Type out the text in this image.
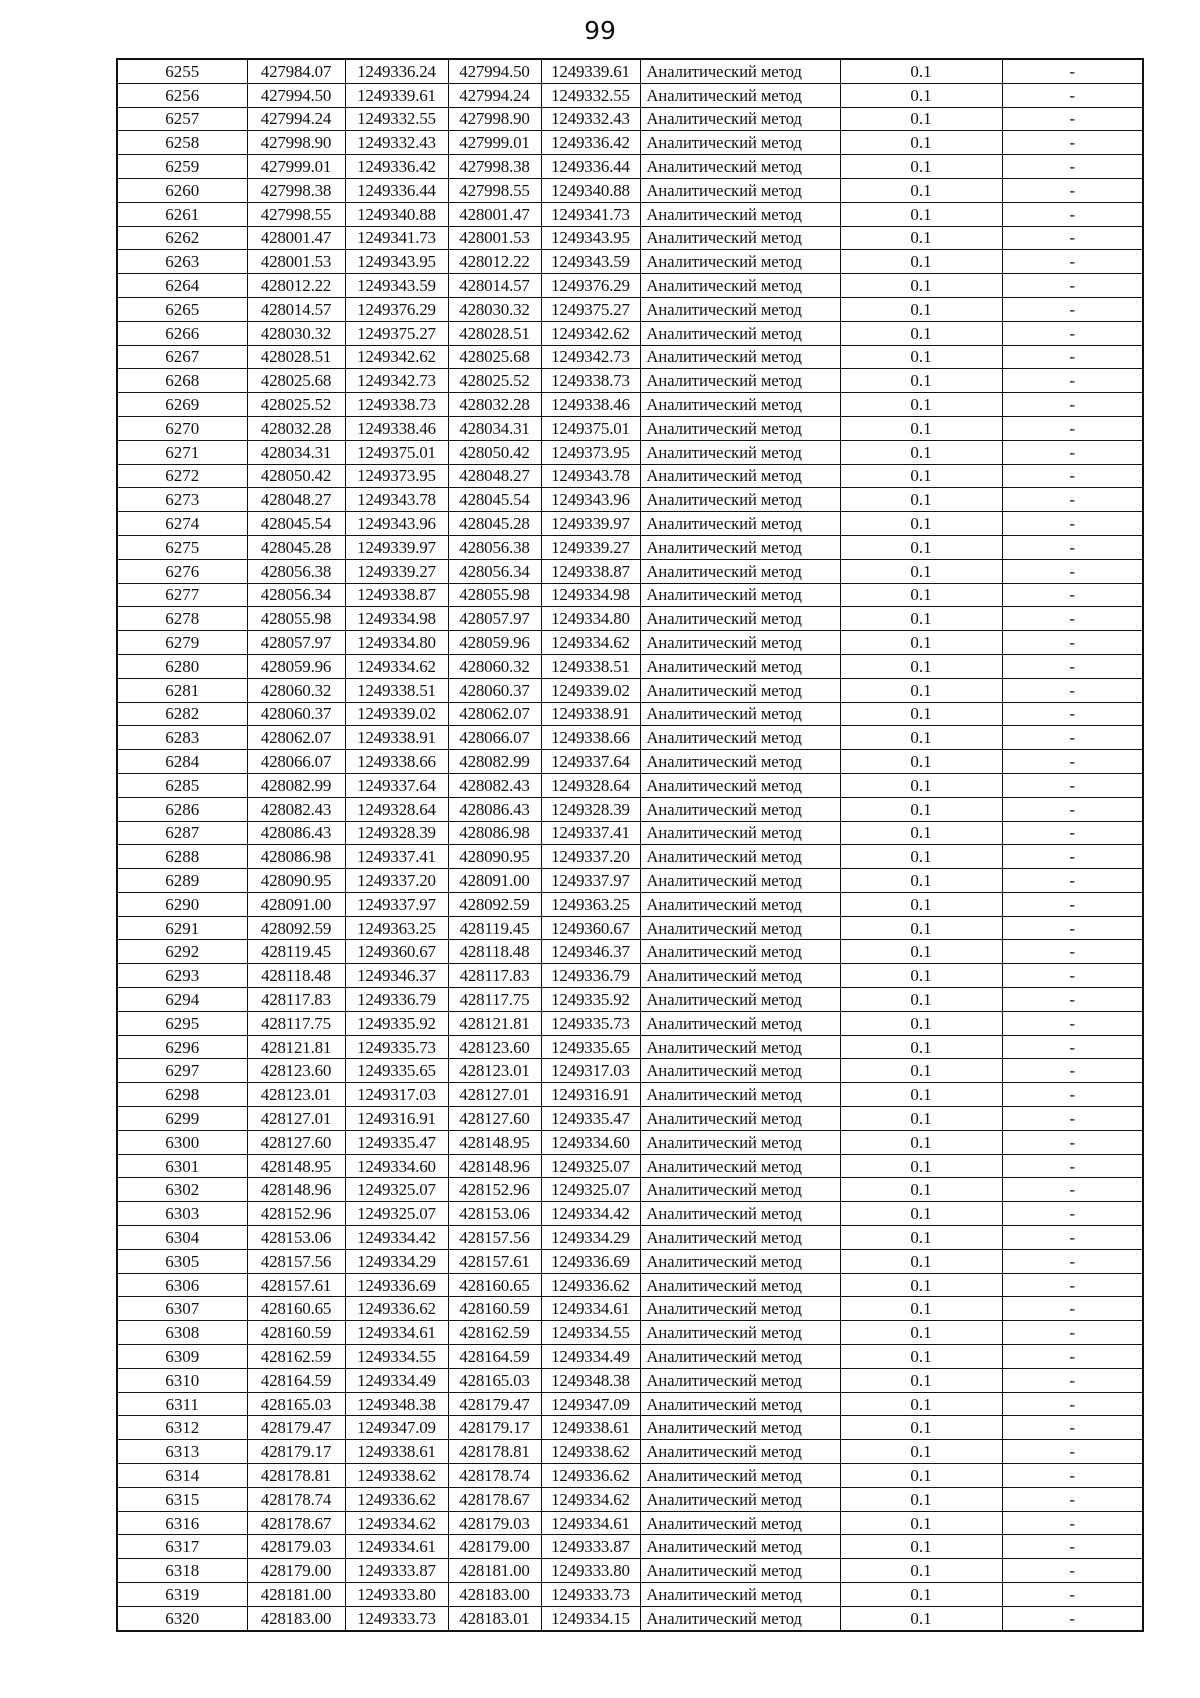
99
6255	427984.07	1249336.24	427994.50	1249339.61	Аналитический метод	0.1	-
6256	427994.50	1249339.61	427994.24	1249332.55	Аналитический метод	0.1	-
6257	427994.24	1249332.55	427998.90	1249332.43	Аналитический метод	0.1	-
6258	427998.90	1249332.43	427999.01	1249336.42	Аналитический метод	0.1	-
6259	427999.01	1249336.42	427998.38	1249336.44	Аналитический метод	0.1	-
6260	427998.38	1249336.44	427998.55	1249340.88	Аналитический метод	0.1	-
6261	427998.55	1249340.88	428001.47	1249341.73	Аналитический метод	0.1	-
6262	428001.47	1249341.73	428001.53	1249343.95	Аналитический метод	0.1	-
6263	428001.53	1249343.95	428012.22	1249343.59	Аналитический метод	0.1	-
6264	428012.22	1249343.59	428014.57	1249376.29	Аналитический метод	0.1	-
6265	428014.57	1249376.29	428030.32	1249375.27	Аналитический метод	0.1	-
6266	428030.32	1249375.27	428028.51	1249342.62	Аналитический метод	0.1	-
6267	428028.51	1249342.62	428025.68	1249342.73	Аналитический метод	0.1	-
6268	428025.68	1249342.73	428025.52	1249338.73	Аналитический метод	0.1	-
6269	428025.52	1249338.73	428032.28	1249338.46	Аналитический метод	0.1	-
6270	428032.28	1249338.46	428034.31	1249375.01	Аналитический метод	0.1	-
6271	428034.31	1249375.01	428050.42	1249373.95	Аналитический метод	0.1	-
6272	428050.42	1249373.95	428048.27	1249343.78	Аналитический метод	0.1	-
6273	428048.27	1249343.78	428045.54	1249343.96	Аналитический метод	0.1	-
6274	428045.54	1249343.96	428045.28	1249339.97	Аналитический метод	0.1	-
6275	428045.28	1249339.97	428056.38	1249339.27	Аналитический метод	0.1	-
6276	428056.38	1249339.27	428056.34	1249338.87	Аналитический метод	0.1	-
6277	428056.34	1249338.87	428055.98	1249334.98	Аналитический метод	0.1	-
6278	428055.98	1249334.98	428057.97	1249334.80	Аналитический метод	0.1	-
6279	428057.97	1249334.80	428059.96	1249334.62	Аналитический метод	0.1	-
6280	428059.96	1249334.62	428060.32	1249338.51	Аналитический метод	0.1	-
6281	428060.32	1249338.51	428060.37	1249339.02	Аналитический метод	0.1	-
6282	428060.37	1249339.02	428062.07	1249338.91	Аналитический метод	0.1	-
6283	428062.07	1249338.91	428066.07	1249338.66	Аналитический метод	0.1	-
6284	428066.07	1249338.66	428082.99	1249337.64	Аналитический метод	0.1	-
6285	428082.99	1249337.64	428082.43	1249328.64	Аналитический метод	0.1	-
6286	428082.43	1249328.64	428086.43	1249328.39	Аналитический метод	0.1	-
6287	428086.43	1249328.39	428086.98	1249337.41	Аналитический метод	0.1	-
6288	428086.98	1249337.41	428090.95	1249337.20	Аналитический метод	0.1	-
6289	428090.95	1249337.20	428091.00	1249337.97	Аналитический метод	0.1	-
6290	428091.00	1249337.97	428092.59	1249363.25	Аналитический метод	0.1	-
6291	428092.59	1249363.25	428119.45	1249360.67	Аналитический метод	0.1	-
6292	428119.45	1249360.67	428118.48	1249346.37	Аналитический метод	0.1	-
6293	428118.48	1249346.37	428117.83	1249336.79	Аналитический метод	0.1	-
6294	428117.83	1249336.79	428117.75	1249335.92	Аналитический метод	0.1	-
6295	428117.75	1249335.92	428121.81	1249335.73	Аналитический метод	0.1	-
6296	428121.81	1249335.73	428123.60	1249335.65	Аналитический метод	0.1	-
6297	428123.60	1249335.65	428123.01	1249317.03	Аналитический метод	0.1	-
6298	428123.01	1249317.03	428127.01	1249316.91	Аналитический метод	0.1	-
6299	428127.01	1249316.91	428127.60	1249335.47	Аналитический метод	0.1	-
6300	428127.60	1249335.47	428148.95	1249334.60	Аналитический метод	0.1	-
6301	428148.95	1249334.60	428148.96	1249325.07	Аналитический метод	0.1	-
6302	428148.96	1249325.07	428152.96	1249325.07	Аналитический метод	0.1	-
6303	428152.96	1249325.07	428153.06	1249334.42	Аналитический метод	0.1	-
6304	428153.06	1249334.42	428157.56	1249334.29	Аналитический метод	0.1	-
6305	428157.56	1249334.29	428157.61	1249336.69	Аналитический метод	0.1	-
6306	428157.61	1249336.69	428160.65	1249336.62	Аналитический метод	0.1	-
6307	428160.65	1249336.62	428160.59	1249334.61	Аналитический метод	0.1	-
6308	428160.59	1249334.61	428162.59	1249334.55	Аналитический метод	0.1	-
6309	428162.59	1249334.55	428164.59	1249334.49	Аналитический метод	0.1	-
6310	428164.59	1249334.49	428165.03	1249348.38	Аналитический метод	0.1	-
6311	428165.03	1249348.38	428179.47	1249347.09	Аналитический метод	0.1	-
6312	428179.47	1249347.09	428179.17	1249338.61	Аналитический метод	0.1	-
6313	428179.17	1249338.61	428178.81	1249338.62	Аналитический метод	0.1	-
6314	428178.81	1249338.62	428178.74	1249336.62	Аналитический метод	0.1	-
6315	428178.74	1249336.62	428178.67	1249334.62	Аналитический метод	0.1	-
6316	428178.67	1249334.62	428179.03	1249334.61	Аналитический метод	0.1	-
6317	428179.03	1249334.61	428179.00	1249333.87	Аналитический метод	0.1	-
6318	428179.00	1249333.87	428181.00	1249333.80	Аналитический метод	0.1	-
6319	428181.00	1249333.80	428183.00	1249333.73	Аналитический метод	0.1	-
6320	428183.00	1249333.73	428183.01	1249334.15	Аналитический метод	0.1	-
